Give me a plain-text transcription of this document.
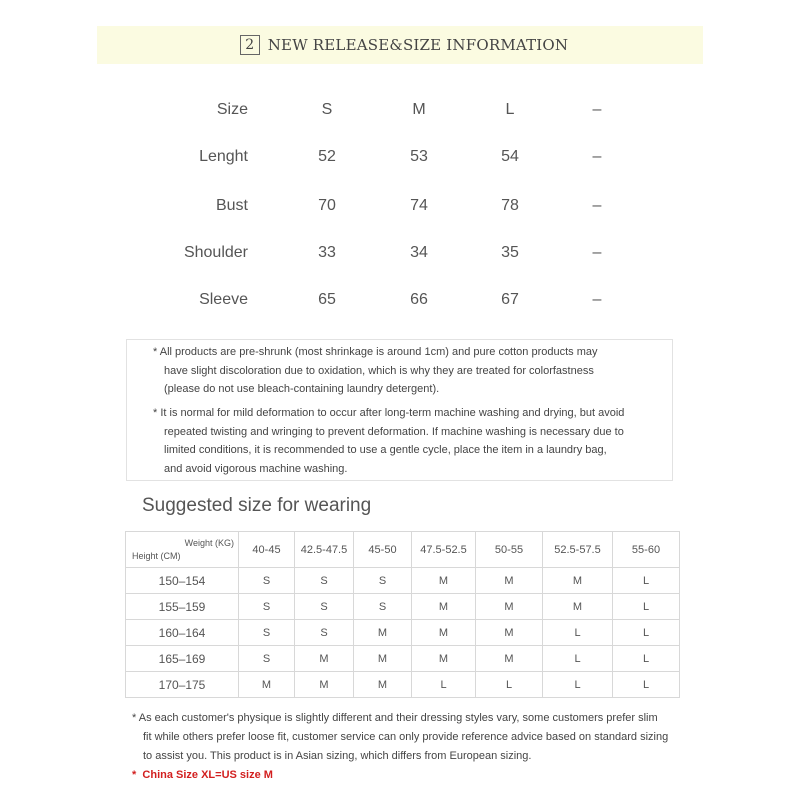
2 NEW RELEASE&SIZE INFORMATION
Size	S	M	L	–
Lenght	52	53	54	–
Bust	70	74	78	–
Shoulder	33	34	35	–
Sleeve	65	66	67	–
* All products are pre-shrunk (most shrinkage is around 1cm) and pure cotton products may
have slight discoloration due to oxidation, which is why they are treated for colorfastness
(please do not use bleach-containing laundry detergent).
* It is normal for mild deformation to occur after long-term machine washing and drying, but avoid
repeated twisting and wringing to prevent deformation. If machine washing is necessary due to
limited conditions, it is recommended to use a gentle cycle, place the item in a laundry bag,
and avoid vigorous machine washing.
Suggested size for wearing
Weight (KG)
Height (CM)	40-45	42.5-47.5	45-50	47.5-52.5	50-55	52.5-57.5	55-60
150–154	S	S	S	M	M	M	L
155–159	S	S	S	M	M	M	L
160–164	S	S	M	M	M	L	L
165–169	S	M	M	M	M	L	L
170–175	M	M	M	L	L	L	L
* As each customer's physique is slightly different and their dressing styles vary, some customers prefer slim
fit while others prefer loose fit, customer service can only provide reference advice based on standard sizing
to assist you. This product is in Asian sizing, which differs from European sizing.
* China Size XL=US size M
